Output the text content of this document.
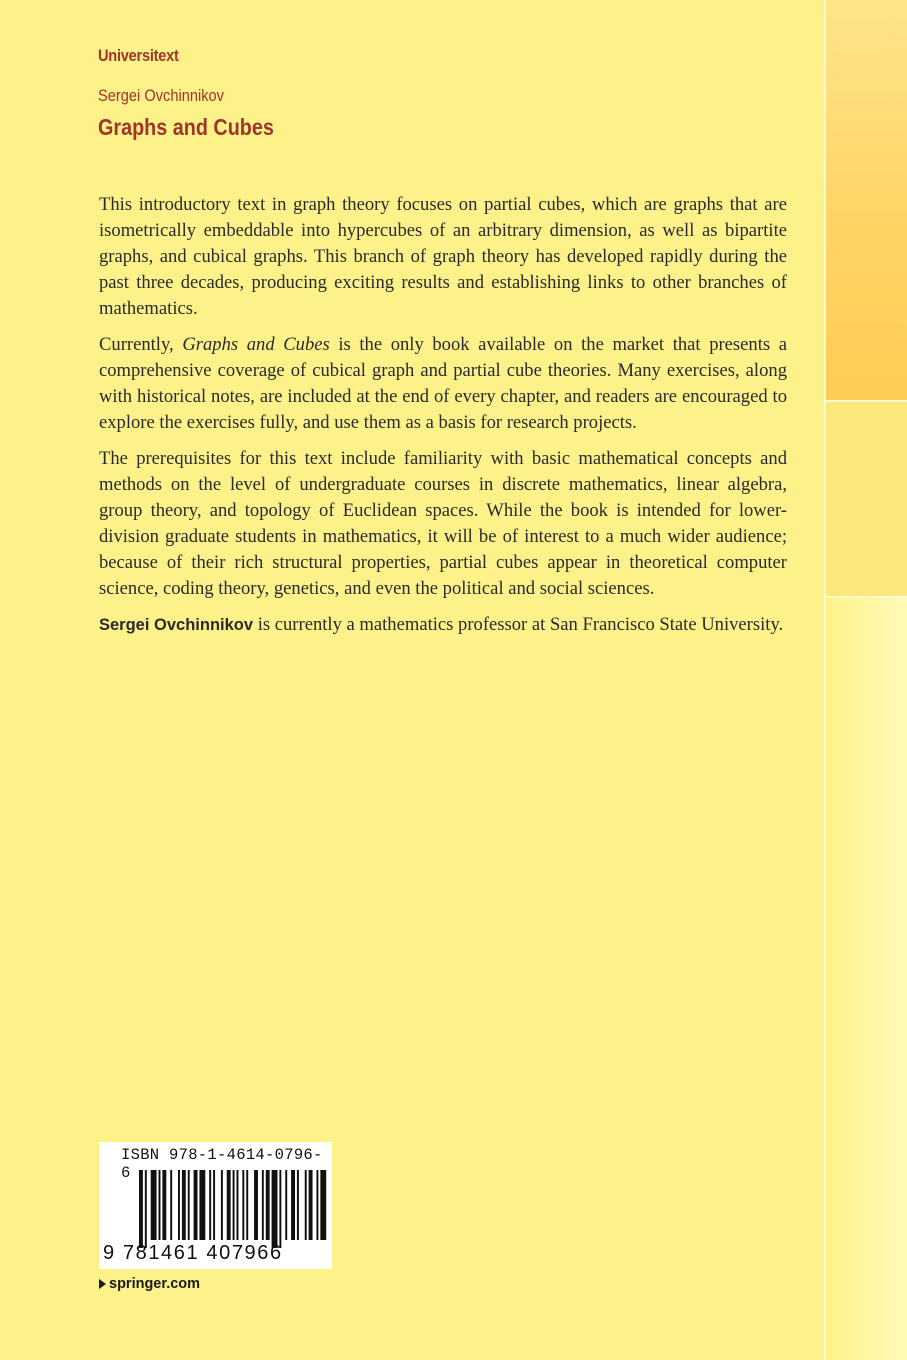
Universitext
Sergei Ovchinnikov
Graphs and Cubes

This introductory text in graph theory focuses on partial cubes, which are graphs that are isometrically embeddable into hypercubes of an arbitrary dimension, as well as bipartite graphs, and cubical graphs. This branch of graph theory has developed rapidly during the past three decades, producing exciting results and establishing links to other branches of mathematics.

Currently, Graphs and Cubes is the only book available on the market that presents a comprehensive coverage of cubical graph and partial cube theories. Many exercises, along with historical notes, are included at the end of every chapter, and readers are encouraged to explore the exercises fully, and use them as a basis for research projects.

The prerequisites for this text include familiarity with basic mathematical concepts and methods on the level of undergraduate courses in discrete mathematics, linear algebra, group theory, and topology of Euclidean spaces. While the book is intended for lower-division graduate students in mathematics, it will be of interest to a much wider audience; because of their rich structural properties, partial cubes appear in theoretical computer science, coding theory, genetics, and even the political and social sciences.

Sergei Ovchinnikov is currently a mathematics professor at San Francisco State University.

ISBN 978-1-4614-0796-6
9 781461 407966
springer.com
